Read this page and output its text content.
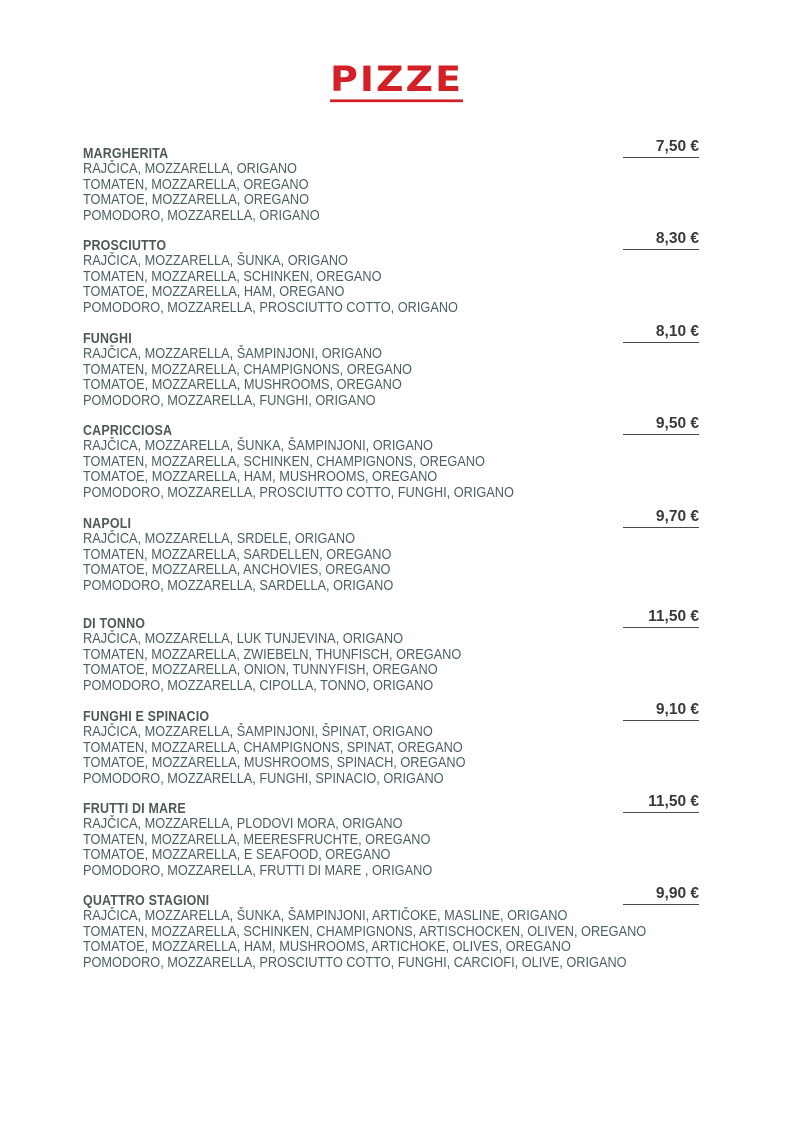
PIZZE
MARGHERITA	7,50 €
RAJČICA, MOZZARELLA, ORIGANO
TOMATEN, MOZZARELLA, OREGANO
TOMATOE, MOZZARELLA, OREGANO
POMODORO, MOZZARELLA, ORIGANO
PROSCIUTTO	8,30 €
RAJČICA, MOZZARELLA, ŠUNKA, ORIGANO
TOMATEN, MOZZARELLA, SCHINKEN, OREGANO
TOMATOE, MOZZARELLA, HAM, OREGANO
POMODORO, MOZZARELLA, PROSCIUTTO COTTO, ORIGANO
FUNGHI	8,10 €
RAJČICA, MOZZARELLA, ŠAMPINJONI, ORIGANO
TOMATEN, MOZZARELLA, CHAMPIGNONS, OREGANO
TOMATOE, MOZZARELLA, MUSHROOMS, OREGANO
POMODORO, MOZZARELLA, FUNGHI, ORIGANO
CAPRICCIOSA	9,50 €
RAJČICA, MOZZARELLA, ŠUNKA, ŠAMPINJONI, ORIGANO
TOMATEN, MOZZARELLA, SCHINKEN, CHAMPIGNONS, OREGANO
TOMATOE, MOZZARELLA, HAM, MUSHROOMS, OREGANO
POMODORO, MOZZARELLA, PROSCIUTTO COTTO, FUNGHI, ORIGANO
NAPOLI	9,70 €
RAJČICA, MOZZARELLA, SRDELE, ORIGANO
TOMATEN, MOZZARELLA, SARDELLEN, OREGANO
TOMATOE, MOZZARELLA, ANCHOVIES, OREGANO
POMODORO, MOZZARELLA, SARDELLA, ORIGANO
DI TONNO	11,50 €
RAJČICA, MOZZARELLA, LUK TUNJEVINA, ORIGANO
TOMATEN, MOZZARELLA, ZWIEBELN, THUNFISCH, OREGANO
TOMATOE, MOZZARELLA, ONION, TUNNYFISH, OREGANO
POMODORO, MOZZARELLA, CIPOLLA, TONNO, ORIGANO
FUNGHI E SPINACIO	9,10 €
RAJČICA, MOZZARELLA, ŠAMPINJONI, ŠPINAT, ORIGANO
TOMATEN, MOZZARELLA, CHAMPIGNONS, SPINAT, OREGANO
TOMATOE, MOZZARELLA, MUSHROOMS, SPINACH, OREGANO
POMODORO, MOZZARELLA, FUNGHI, SPINACIO, ORIGANO
FRUTTI DI MARE	11,50 €
RAJČICA, MOZZARELLA, PLODOVI MORA, ORIGANO
TOMATEN, MOZZARELLA, MEERESFRUCHTE, OREGANO
TOMATOE, MOZZARELLA, E SEAFOOD, OREGANO
POMODORO, MOZZARELLA, FRUTTI DI MARE , ORIGANO
QUATTRO STAGIONI	9,90 €
RAJČICA, MOZZARELLA, ŠUNKA, ŠAMPINJONI, ARTIČOKE, MASLINE, ORIGANO
TOMATEN, MOZZARELLA, SCHINKEN, CHAMPIGNONS, ARTISCHOCKEN, OLIVEN, OREGANO
TOMATOE, MOZZARELLA, HAM, MUSHROOMS, ARTICHOKE, OLIVES, OREGANO
POMODORO, MOZZARELLA, PROSCIUTTO COTTO, FUNGHI, CARCIOFI, OLIVE, ORIGANO
